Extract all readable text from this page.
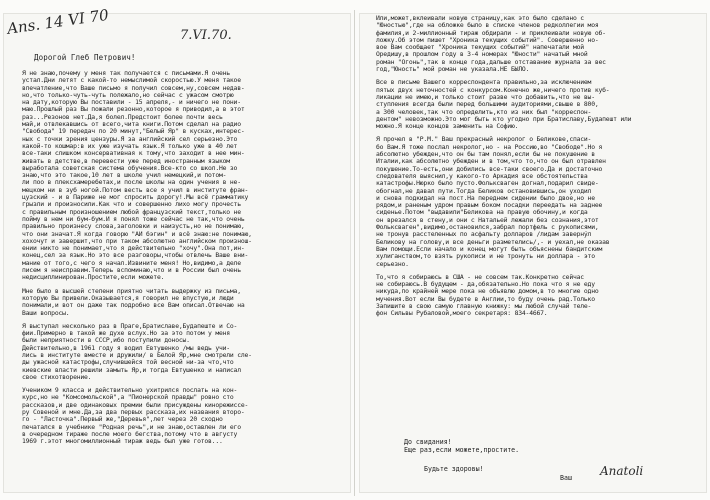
Ans. 14 VI 70	7.VI.70.
Дорогой Глеб Петрович!
Я не знаю,почему у меня так получается с письмами.Я очень
устал.Дни летят с какой-то немыслимой скоростью.У меня такое
впечатление,что Ваше письмо я получил совсем,ну,совсем недав-
но,что только-чуть-чуть полежало,но сейчас с ужасом смотрю
на дату,которую Вы поставили - 15 апреля,- и ничего не пони-
маю.Прошлый раз Вы пожали резонно,которое я приводил,а в этот
раз...Резонов нет.Да,я болел.Предстоит более почти весь
май,и отвлекавшись от всего,чита книги.Потом сделал на радио
"Свобода" 19 передач по 20 минут,"Белый Яр" в кусках,интерес-
ных с точки зрения цензуры.Я за английский сел серьезно.Это
какой-то кошмар:в их уже изучать язык.Я только уже в 40 лет
все-таки слишком консервативная к тому,что заходит в нее мин-
живать в детстве,в перевести уже перед иностранным языком
выработала советская система обучения.Все-кто со школ.Не зо
знаю,что это такое,10 лет в школе учил немецкий,и потом-
ли поо в плексхамеребетах,и после школы на один учения в не-
мецком ни в зуб ногой.Потом весть все я учил в институте фран-
цузский - и в Париже не мог спросить дорогу!.Мы всё грамматику
грызли и произносили.Как что и совершенно лихо могу прочесть
с правильным произношением любой французский текст,только не
пойму в нем ни бум-бум.И я понял тоже сейчас не так,что очень
правильно произнесу слова,заголовки и наизусть,но не понимаю,
что они значат.Я когда говорю "АЙ бэгин" и всё знаю:не понимаю,
хохочут и завершит,что при таком абсолютно английском произнош-
ении никто не понимает,что я действительно "хочу".Она пот,ин-
конец,сел за язык.Но это все разговоры,чтобы отвлечь Ваше вни-
мание от того,с чего я начал.Извините меня! Но,видимо,а деле
писем я неисправим.Теперь вспоминаю,что и в России был очень
недисциплинирован.Простите,если можете.
Мне было в высшей степени приятно читать выдержку из письма,
которую Вы привели.Оказывается,я говорил не впустую,и люди
понимали,и вот он даже так подробно все Вам описал.Отвечаю на
Ваши вопросы.
Я выступал несколько раз в Праге,Братиславе,Будапеште и Со-
фии.Примерно в такой же духе вслух.Но за это потом у меня
были неприятности в СССР,ибо поступили доносы.
Действительно,в 1961 году я водил Евтушенко /мы ведь учи-
лись в институте вместе и дружили/ в Белой Яр,мне смотрели сле-
ды ужасной катастрофы,случившейся той весной ни-за что,что
киевские власти решили замыть Яр,и тогда Евтушенко и написал
свое стихотворение.
Учеником 9 класса и действительно ухитрился послать на кон-
курс,но не "Комсомольской",а "Пионерской правды" ровно сто
рассказов,и две одинаковых премии были присуждены кинорежиссе-
ру Совеной и мне.Да,за два первых рассказа,их названия второ-
го - "Ласточка".Первый же,"Деревья",лет через 20 сходно
печатался в учебнике "Родная речь",и не знаю,оставлен ли его
в очередном тираже после моего бегства,потому что в августу
1969 г.этот многомиллионный тираж ведь был уже готов...
Или,может,вклеивали новую страницу,как это было сделано с
"Юностью",где на обложке было в списке членов редколлегии моя
фамилия,и 2-миллионный тираж обдирали - и приклеивали новую об-
ложку.Об этом пишет "Хроника текущих событий". Совершенно но-
вое Вам сообщает "Хроника текущих событий" напечатали мой
Оредишу,в прошлом году в 3-4 номерах "Юности" начатый мной
роман "Огонь",так в конце года,дальше отставание журнала за вес
год,"Юность" мой роман не указала.НЕ БЫЛО.
Все в письме Вашего корреспондента правильно,за исключением
пятых двух неточностей с конкурсом.Конечно же,ничего против куб-
ликации не имею,и только стоит разве что добавить,что не вы-
ступления всегда были перед большими аудиториями,свыше в 800,
а 300 человек,так что определить,кто из них был "корреспон-
дентом" невозможно.Это мог быть кто угодно при Братиславу,Будапешт или
можно.Я конце концов заменить на Софию.
Я прочел в "Р.М." Ваш прекрасный некролог о Беликове,спаси-
бо Вам.Я тоже послал некролог,но - на Россию,во "Свободе".Но я
абсолютно убежден,что он бы там понял,если бы не покушение в
Италии,как абсолютно убежден и в том,что то,что он был отравлен
покушение.То-есть,они добились все-таки своего.Да и достаточно
следователя выяснил,у какого-то Аркадия все обстоятельства
катастрофы.Нюрко было пусто.Фольксваген догнал,подарил свиде-
обогнал,не давал пути.Тогда Беликов остановившись,он уходил
и снова подкидал на пост.На переднем сидении было двое,но не
рядом,и раненым удром правым боком посадки переедать на заднее
сиденье.Потом "выдавили"Беликова на правую обочину,и когда
он врезался в стену,и они с Натальей лежали без сознания,этот
Фольксваген",видимо,остановился,забрал портфель с рукописями,
не тронув расстеленных по асфальту долларов /лидам заверну́л
Беликову на голову,и все деньги разметелись/,- и уехал,не оказав
Вам помощи.Если начало и конец могут быть объяснены бандитским
хулиганством,то взять рукописи и не тронуть ни доллара - это
серьезно.
То,что я собираюсь в США - не совсем так.Конкретно сейчас
не собираюсь.В будущем - да,обязательно.Но пока что я не еду
никуда,по крайней мере пока не объявлю домом,в то многие одно
мучения.Вот если Вы будете в Англии,то буду очень рад.Только
Запишите в свою самую главную книжку: мы любой случай теле-
фон Сильвы Рубаловой,моего секретаря: 834-4667.
До свидания!
Еще раз,если можете,простите.
Будьте здоровы!
Ваш Anatoli
